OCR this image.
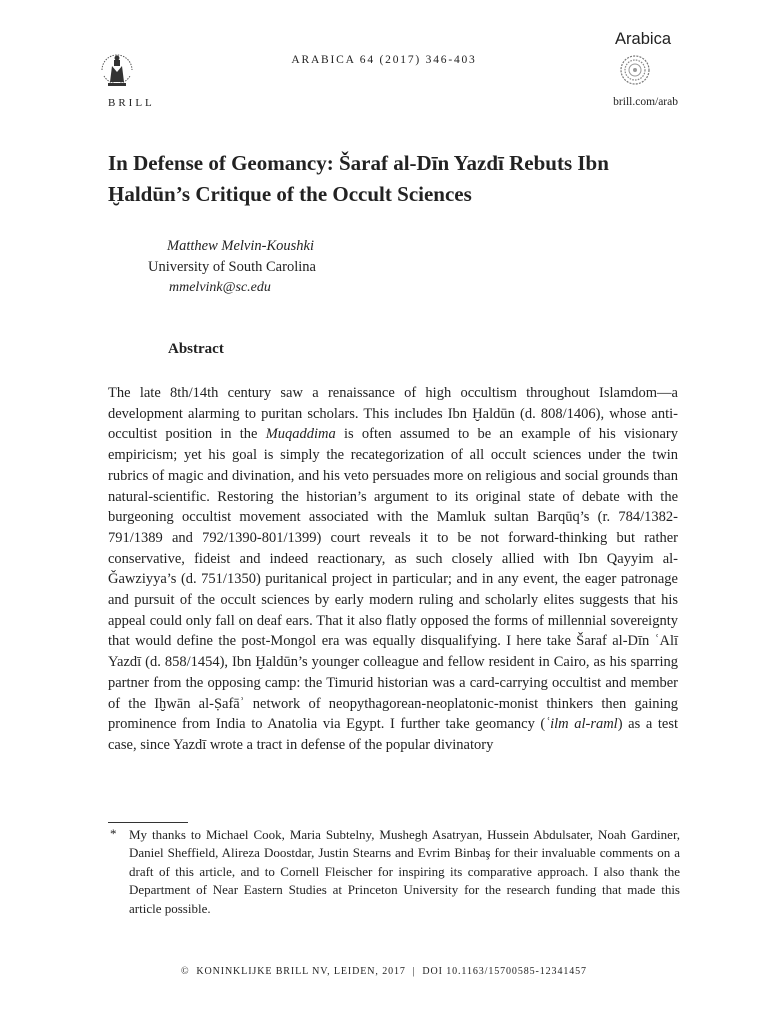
BRILL
ARABICA 64 (2017) 346-403
Arabica
brill.com/arab
In Defense of Geomancy: Šaraf al-Dīn Yazdī Rebuts Ibn Ḫaldūn’s Critique of the Occult Sciences
Matthew Melvin-Koushki
University of South Carolina
mmelvink@sc.edu
Abstract

The late 8th/14th century saw a renaissance of high occultism throughout Islamdom—a development alarming to puritan scholars. This includes Ibn Ḫaldūn (d. 808/1406), whose anti-occultist position in the Muqaddima is often assumed to be an example of his visionary empiricism; yet his goal is simply the recategorization of all occult sciences under the twin rubrics of magic and divination, and his veto persuades more on religious and social grounds than natural-scientific. Restoring the historian’s argument to its original state of debate with the burgeoning occultist movement associated with the Mamluk sultan Barqūq’s (r. 784/1382-791/1389 and 792/1390-801/1399) court reveals it to be not forward-thinking but rather conservative, fideist and indeed reactionary, as such closely allied with Ibn Qayyim al-Ǧawziyya’s (d. 751/1350) puritanical project in particular; and in any event, the eager patronage and pursuit of the occult sciences by early modern ruling and scholarly elites suggests that his appeal could only fall on deaf ears. That it also flatly opposed the forms of millennial sovereignty that would define the post-Mongol era was equally disqualifying. I here take Šaraf al-Dīn ʿAlī Yazdī (d. 858/1454), Ibn Ḫaldūn’s younger colleague and fellow resident in Cairo, as his sparring partner from the opposing camp: the Timurid historian was a card-carrying occultist and member of the Iḫwān al-Ṣafāʾ network of neopythagorean-neoplatonic-monist thinkers then gaining prominence from India to Anatolia via Egypt. I further take geomancy (ʿilm al-raml) as a test case, since Yazdī wrote a tract in defense of the popular divinatory

* My thanks to Michael Cook, Maria Subtelny, Mushegh Asatryan, Hussein Abdulsater, Noah Gardiner, Daniel Sheffield, Alireza Doostdar, Justin Stearns and Evrim Binbaş for their invaluable comments on a draft of this article, and to Cornell Fleischer for inspiring its comparative approach. I also thank the Department of Near Eastern Studies at Princeton University for the research funding that made this article possible.

© KONINKLIJKE BRILL NV, LEIDEN, 2017 | DOI 10.1163/15700585-12341457
